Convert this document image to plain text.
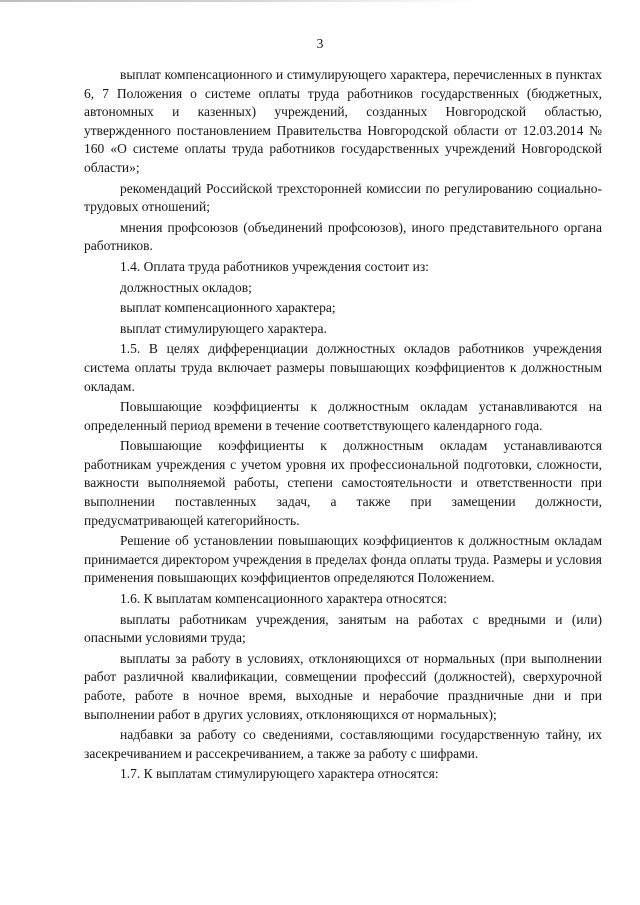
3

выплат компенсационного и стимулирующего характера, перечисленных в пунктах 6, 7 Положения о системе оплаты труда работников государственных (бюджетных, автономных и казенных) учреждений, созданных Новгородской областью, утвержденного постановлением Правительства Новгородской области от 12.03.2014 № 160 «О системе оплаты труда работников государственных учреждений Новгородской области»;

рекомендаций Российской трехсторонней комиссии по регулированию социально-трудовых отношений;

мнения профсоюзов (объединений профсоюзов), иного представительного органа работников.

1.4. Оплата труда работников учреждения состоит из:

должностных окладов;

выплат компенсационного характера;

выплат стимулирующего характера.

1.5. В целях дифференциации должностных окладов работников учреждения система оплаты труда включает размеры повышающих коэффициентов к должностным окладам.

Повышающие коэффициенты к должностным окладам устанавливаются на определенный период времени в течение соответствующего календарного года.

Повышающие коэффициенты к должностным окладам устанавливаются работникам учреждения с учетом уровня их профессиональной подготовки, сложности, важности выполняемой работы, степени самостоятельности и ответственности при выполнении поставленных задач, а также при замещении должности, предусматривающей категорийность.

Решение об установлении повышающих коэффициентов к должностным окладам принимается директором учреждения в пределах фонда оплаты труда. Размеры и условия применения повышающих коэффициентов определяются Положением.

1.6. К выплатам компенсационного характера относятся:

выплаты работникам учреждения, занятым на работах с вредными и (или) опасными условиями труда;

выплаты за работу в условиях, отклоняющихся от нормальных (при выполнении работ различной квалификации, совмещении профессий (должностей), сверхурочной работе, работе в ночное время, выходные и нерабочие праздничные дни и при выполнении работ в других условиях, отклоняющихся от нормальных);

надбавки за работу со сведениями, составляющими государственную тайну, их засекречиванием и рассекречиванием, а также за работу с шифрами.

1.7. К выплатам стимулирующего характера относятся:
